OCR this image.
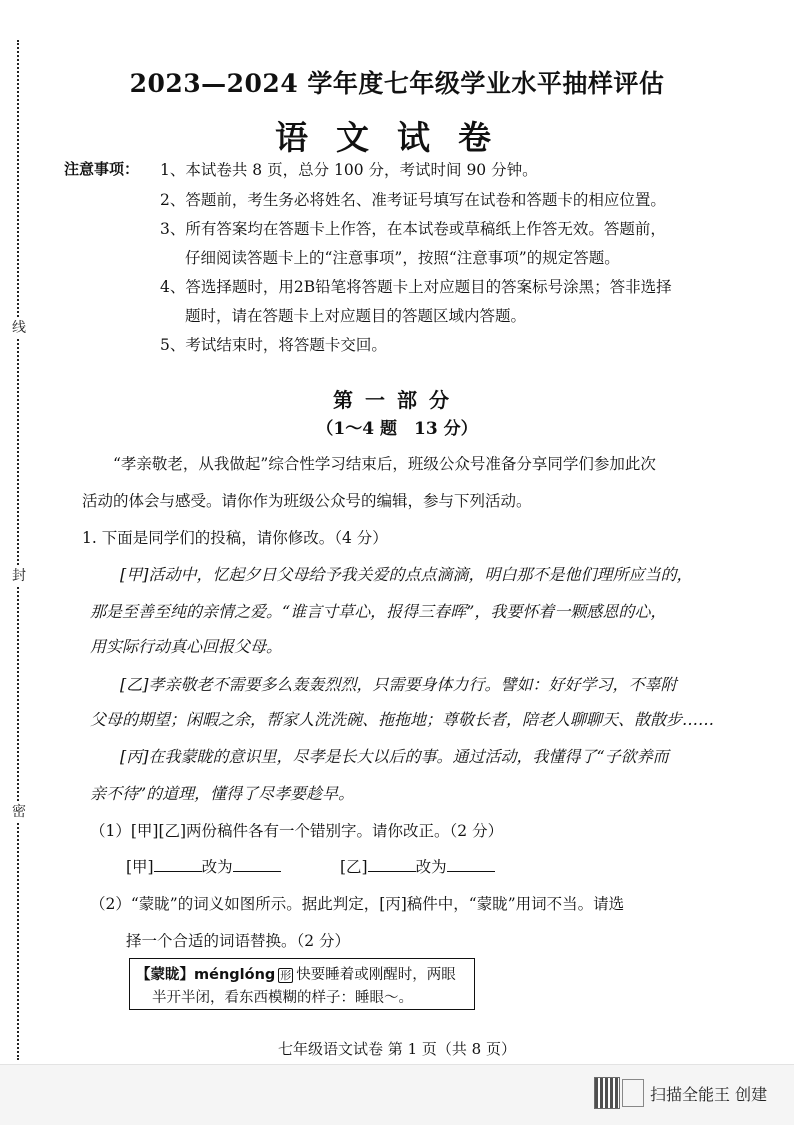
线
封
密
2023—2024 学年度七年级学业水平抽样评估
语文试卷
注意事项： 1、本试卷共 8 页，总分 100 分，考试时间 90 分钟。
2、答题前，考生务必将姓名、准考证号填写在试卷和答题卡的相应位置。
3、所有答案均在答题卡上作答，在本试卷或草稿纸上作答无效。答题前，
仔细阅读答题卡上的“注意事项”，按照“注意事项”的规定答题。
4、答选择题时，用2B铅笔将答题卡上对应题目的答案标号涂黑；答非选择
题时，请在答题卡上对应题目的答题区域内答题。
5、考试结束时，将答题卡交回。
第一部分
（1～4 题　13 分）
“孝亲敬老，从我做起”综合性学习结束后，班级公众号准备分享同学们参加此次
活动的体会与感受。请你作为班级公众号的编辑，参与下列活动。
1. 下面是同学们的投稿，请你修改。（4 分）
[甲]活动中，忆起夕日父母给予我关爱的点点滴滴，明白那不是他们理所应当的，
那是至善至纯的亲情之爱。“谁言寸草心，报得三春晖”，我要怀着一颗感恩的心，
用实际行动真心回报父母。
[乙]孝亲敬老不需要多么轰轰烈烈，只需要身体力行。譬如：好好学习，不辜附
父母的期望；闲暇之余，帮家人洗洗碗、拖拖地；尊敬长者，陪老人聊聊天、散散步……
[丙]在我蒙眬的意识里，尽孝是长大以后的事。通过活动，我懂得了“子欲养而
亲不待”的道理，懂得了尽孝要趁早。
（1）[甲][乙]两份稿件各有一个错别字。请你改正。（2 分）
[甲]	改为	[乙]	改为
（2）“蒙眬”的词义如图所示。据此判定，[丙]稿件中，“蒙眬”用词不当。请选
择一个合适的词语替换。（2 分）
【蒙眬】ménglóng 形 快要睡着或刚醒时，两眼
半开半闭，看东西模糊的样子：睡眼～。
七年级语文试卷 第 1 页（共 8 页）
扫描全能王 创建
